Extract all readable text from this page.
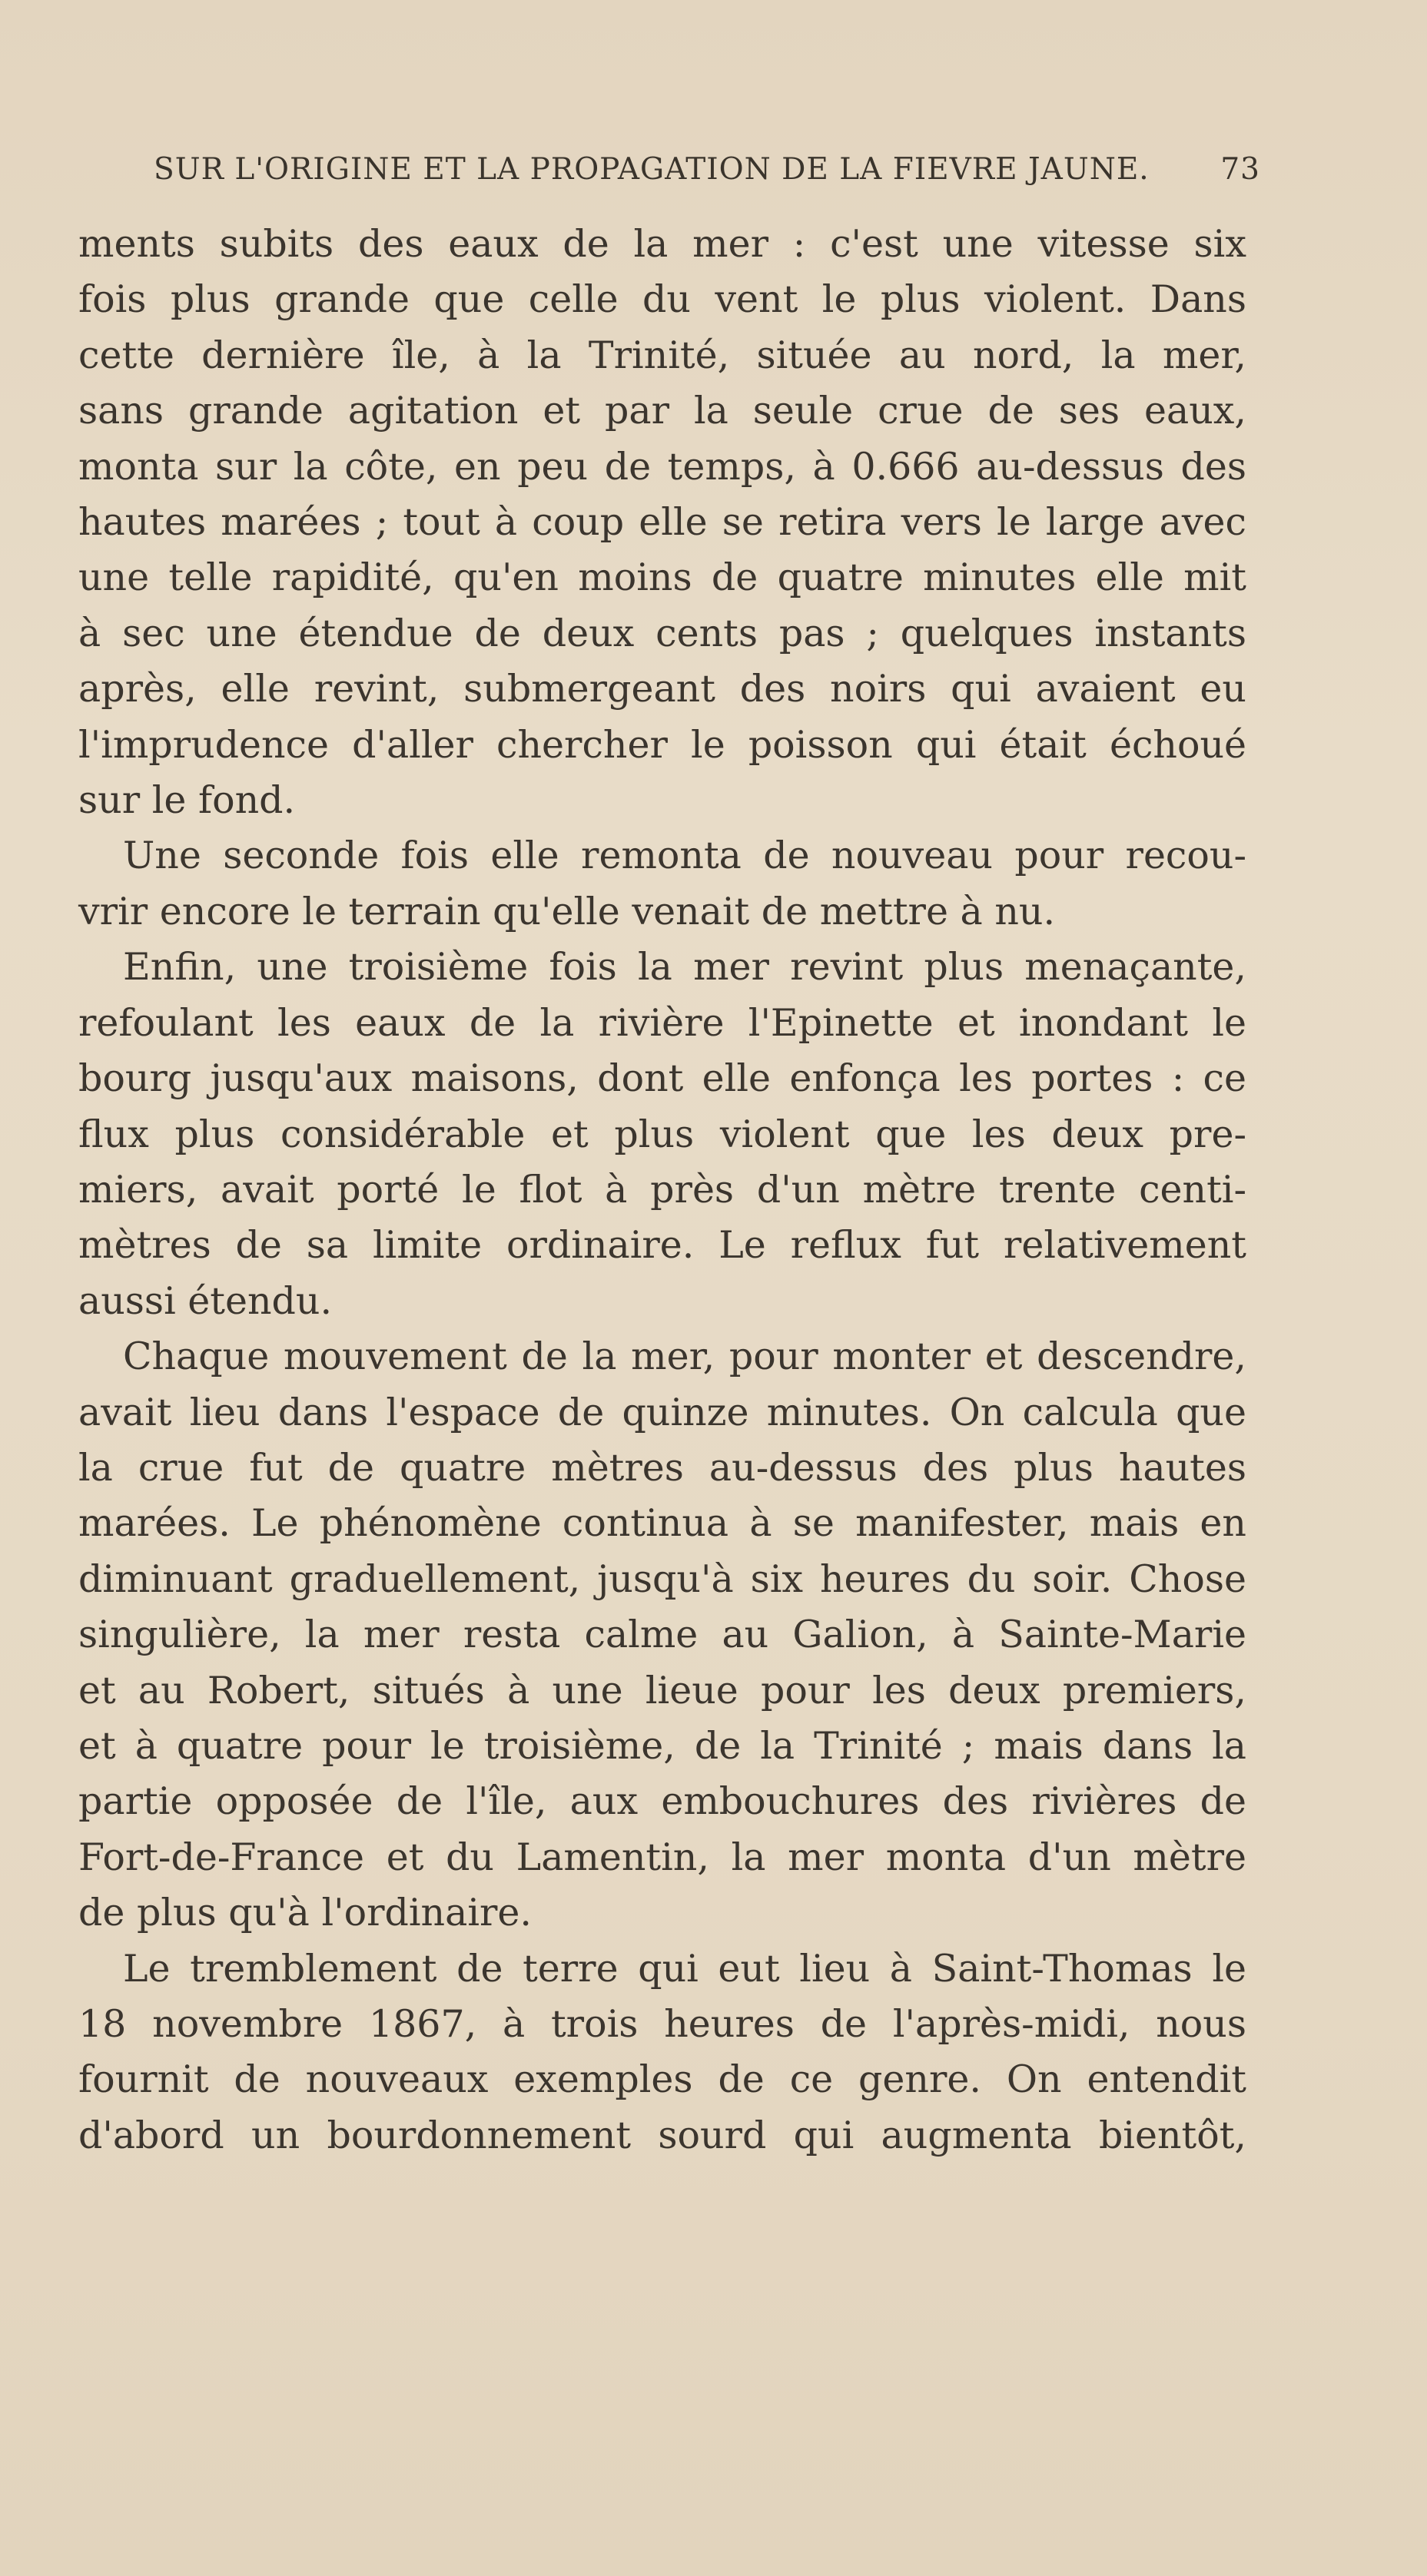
SUR L'ORIGINE ET LA PROPAGATION DE LA FIEVRE JAUNE. 73

ments subits des eaux de la mer : c'est une vitesse six

fois plus grande que celle du vent le plus violent. Dans

cette dernière île, à la Trinité, située au nord, la mer,

sans grande agitation et par la seule crue de ses eaux,

monta sur la côte, en peu de temps, à 0.666 au-dessus des

hautes marées ; tout à coup elle se retira vers le large avec

une telle rapidité, qu'en moins de quatre minutes elle mit

à sec une étendue de deux cents pas ; quelques instants

après, elle revint, submergeant des noirs qui avaient eu

l'imprudence d'aller chercher le poisson qui était échoué

sur le fond.

Une seconde fois elle remonta de nouveau pour recou-

vrir encore le terrain qu'elle venait de mettre à nu.

Enfin, une troisième fois la mer revint plus menaçante,

refoulant les eaux de la rivière l'Epinette et inondant le

bourg jusqu'aux maisons, dont elle enfonça les portes : ce

flux plus considérable et plus violent que les deux pre-

miers, avait porté le flot à près d'un mètre trente centi-

mètres de sa limite ordinaire. Le reflux fut relativement

aussi étendu.

Chaque mouvement de la mer, pour monter et descendre,

avait lieu dans l'espace de quinze minutes. On calcula que

la crue fut de quatre mètres au-dessus des plus hautes

marées. Le phénomène continua à se manifester, mais en

diminuant graduellement, jusqu'à six heures du soir. Chose

singulière, la mer resta calme au Galion, à Sainte-Marie

et au Robert, situés à une lieue pour les deux premiers,

et à quatre pour le troisième, de la Trinité ; mais dans la

partie opposée de l'île, aux embouchures des rivières de

Fort-de-France et du Lamentin, la mer monta d'un mètre

de plus qu'à l'ordinaire.

Le tremblement de terre qui eut lieu à Saint-Thomas le

18 novembre 1867, à trois heures de l'après-midi, nous

fournit de nouveaux exemples de ce genre. On entendit

d'abord un bourdonnement sourd qui augmenta bientôt,
